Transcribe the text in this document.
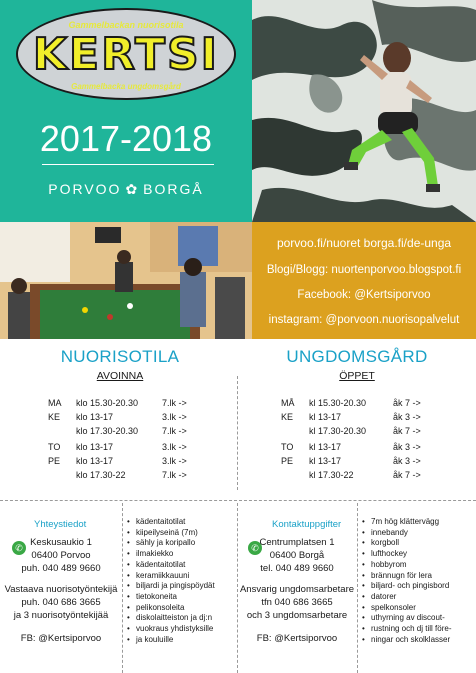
Gammelbackan nuorisotila
KERTSI
Gammelbacka ungdomsgård
2017-2018
PORVOO ✿ BORGÅ
porvoo.fi/nuoret borga.fi/de-unga
Blogi/Blogg: nuortenporvoo.blogspot.fi
Facebook: @Kertsiporvoo
instagram: @porvoon.nuorisopalvelut
NUORISOTILA
AVOINNA
MA klo 15.30-20.30	7.lk ->
KE klo 13-17	3.lk ->
klo 17.30-20.30	7.lk ->
TO klo 13-17	3.lk ->
PE klo 13-17	3.lk ->
klo 17.30-22	7.lk ->
UNGDOMSGÅRD
ÖPPET
MÅ kl 15.30-20.30	åk 7 ->
KE kl 13-17	åk 3 ->
kl 17.30-20.30	åk 7 ->
TO kl 13-17	åk 3 ->
PE kl 13-17	åk 3 ->
kl 17.30-22	åk 7 ->
Yhteystiedot
✆ Keskusaukio 1
06400 Porvoo
puh. 040 489 9660
Vastaava nuorisotyöntekijä
puh. 040 686 3665
ja 3 nuorisotyöntekijää
FB: @Kertsiporvoo
• kädentaitotilat
• kiipeilyseinä (7m)
• sähly ja koripallo
• ilmakiekko
• kädentaitotilat
• keramiikkauuni
• biljardi ja pingispöydät
• tietokoneita
• pelikonsoleita
• diskolaitteiston ja dj:n
• vuokraus yhdistyksille
• ja kouluille
Kontaktuppgifter
✆ Centrumplatsen 1
06400 Borgå
tel. 040 489 9660
Ansvarig ungdomsarbetare
tfn 040 686 3665
och 3 ungdomsarbetare
FB: @Kertsiporvoo
• 7m hög klättervägg
• innebandy
• korgboll
• lufthockey
• hobbyrom
• brännugn för lera
• biljard- och pingisbord
• datorer
• spelkonsoler
• uthyrning av discout-
• rustning och dj till före-
• ningar och skolklasser
